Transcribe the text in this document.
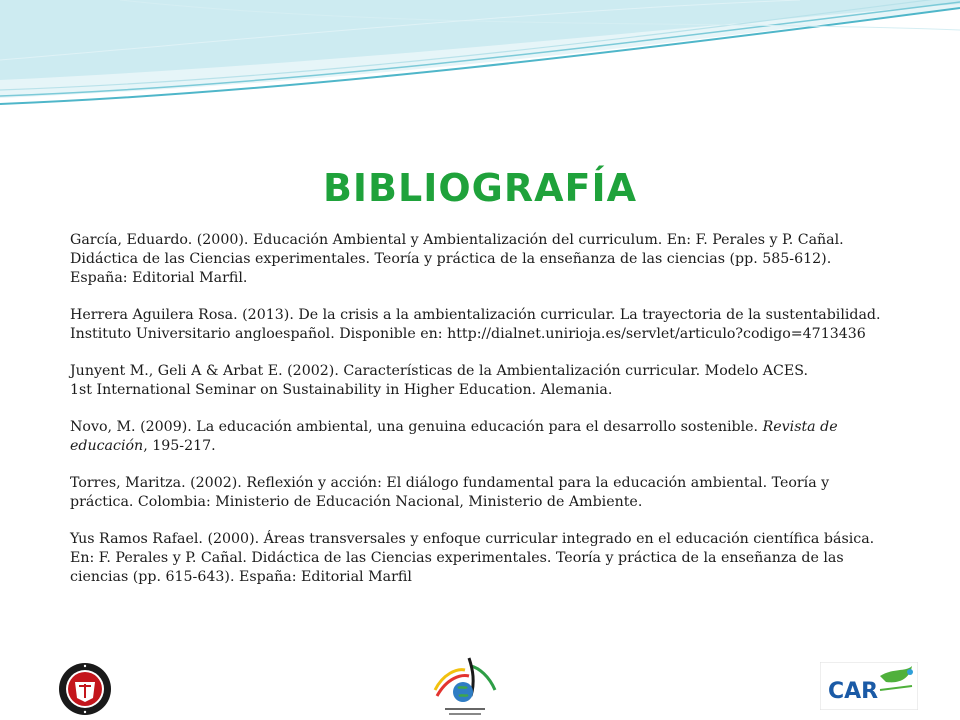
BIBLIOGRAFÍA

García, Eduardo. (2000). Educación Ambiental y Ambientalización del curriculum. En: F. Perales y P. Cañal. Didáctica de las Ciencias experimentales. Teoría y práctica de la enseñanza de las ciencias (pp. 585-612). España: Editorial Marfil.

Herrera Aguilera Rosa. (2013). De la crisis a la ambientalización curricular. La trayectoria de la sustentabilidad. Instituto Universitario angloespañol. Disponible en: http://dialnet.unirioja.es/servlet/articulo?codigo=4713436

Junyent M., Geli A & Arbat E. (2002). Características de la Ambientalización curricular. Modelo ACES.
1st International Seminar on Sustainability in Higher Education. Alemania.

Novo, M. (2009). La educación ambiental, una genuina educación para el desarrollo sostenible. Revista de educación, 195-217.

Torres, Maritza. (2002). Reflexión y acción: El diálogo fundamental para la educación ambiental. Teoría y práctica. Colombia: Ministerio de Educación Nacional, Ministerio de Ambiente.

Yus Ramos Rafael. (2000). Áreas transversales y enfoque curricular integrado en el educación científica básica. En: F. Perales y P. Cañal. Didáctica de las Ciencias experimentales. Teoría y práctica de la enseñanza de las ciencias (pp. 615-643). España: Editorial Marfil

CAR
